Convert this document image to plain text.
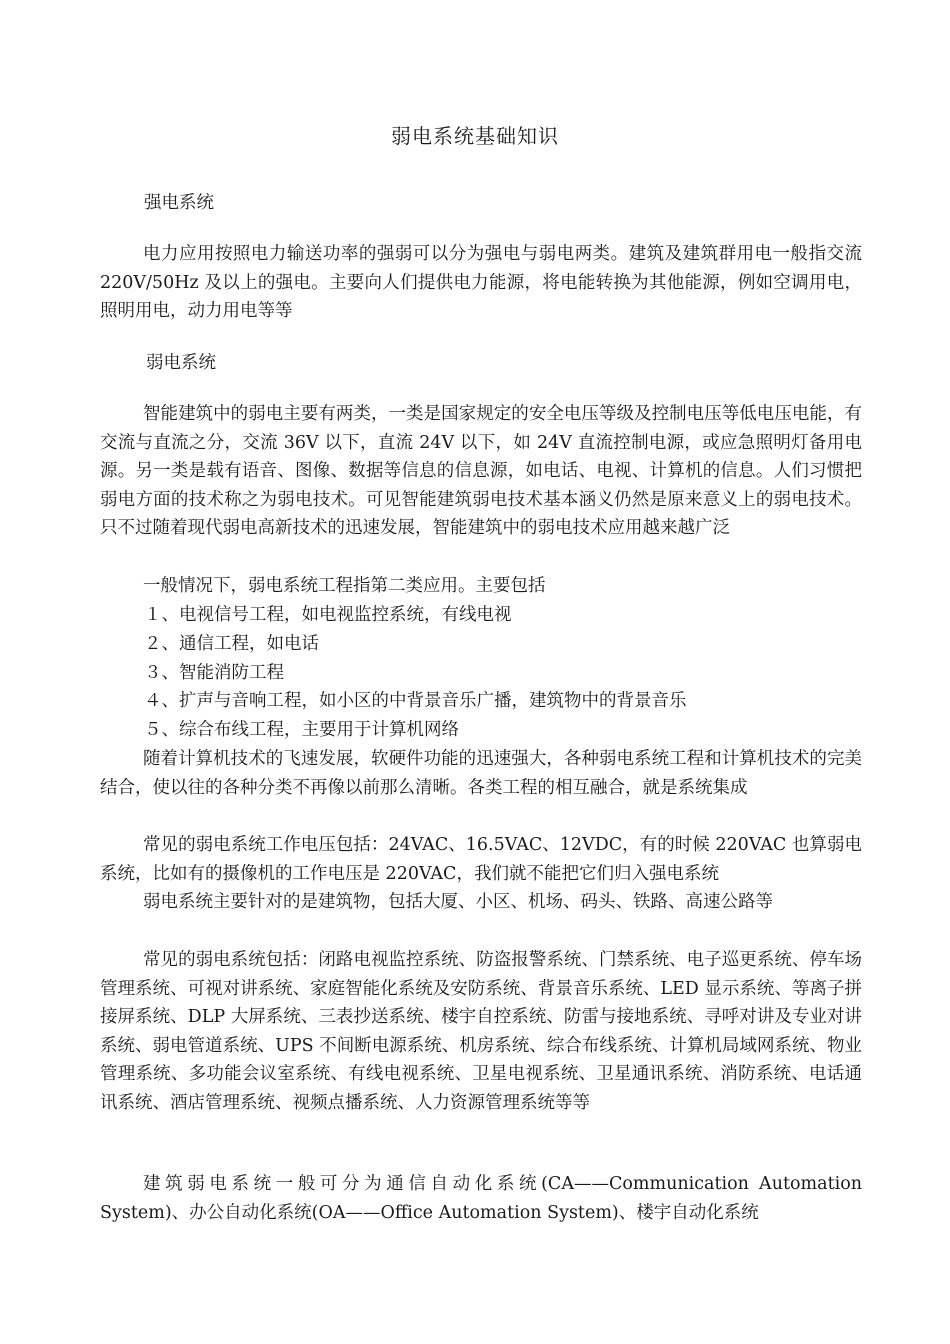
弱电系统基础知识
强电系统

电力应用按照电力输送功率的强弱可以分为强电与弱电两类。建筑及建筑群用电一般指交流 220V/50Hz 及以上的强电。主要向人们提供电力能源，将电能转换为其他能源，例如空调用电，照明用电，动力用电等等

弱电系统

智能建筑中的弱电主要有两类，一类是国家规定的安全电压等级及控制电压等低电压电能，有交流与直流之分，交流 36V 以下，直流 24V 以下，如 24V 直流控制电源，或应急照明灯备用电源。另一类是载有语音、图像、数据等信息的信息源，如电话、电视、计算机的信息。人们习惯把弱电方面的技术称之为弱电技术。可见智能建筑弱电技术基本涵义仍然是原来意义上的弱电技术。只不过随着现代弱电高新技术的迅速发展，智能建筑中的弱电技术应用越来越广泛

一般情况下，弱电系统工程指第二类应用。主要包括

１、电视信号工程，如电视监控系统，有线电视

２、通信工程，如电话

３、智能消防工程

４、扩声与音响工程，如小区的中背景音乐广播，建筑物中的背景音乐

５、综合布线工程，主要用于计算机网络

随着计算机技术的飞速发展，软硬件功能的迅速强大，各种弱电系统工程和计算机技术的完美结合，使以往的各种分类不再像以前那么清晰。各类工程的相互融合，就是系统集成

常见的弱电系统工作电压包括：24VAC、16.5VAC、12VDC，有的时候 220VAC 也算弱电系统，比如有的摄像机的工作电压是 220VAC，我们就不能把它们归入强电系统

弱电系统主要针对的是建筑物，包括大厦、小区、机场、码头、铁路、高速公路等

常见的弱电系统包括：闭路电视监控系统、防盗报警系统、门禁系统、电子巡更系统、停车场管理系统、可视对讲系统、家庭智能化系统及安防系统、背景音乐系统、LED 显示系统、等离子拼接屏系统、DLP 大屏系统、三表抄送系统、楼宇自控系统、防雷与接地系统、寻呼对讲及专业对讲系统、弱电管道系统、UPS 不间断电源系统、机房系统、综合布线系统、计算机局域网系统、物业管理系统、多功能会议室系统、有线电视系统、卫星电视系统、卫星通讯系统、消防系统、电话通讯系统、酒店管理系统、视频点播系统、人力资源管理系统等等

建筑弱电系统一般可分为通信自动化系统(CA——Communication Automation System)、办公自动化系统(OA——Office Automation System)、楼宇自动化系统
